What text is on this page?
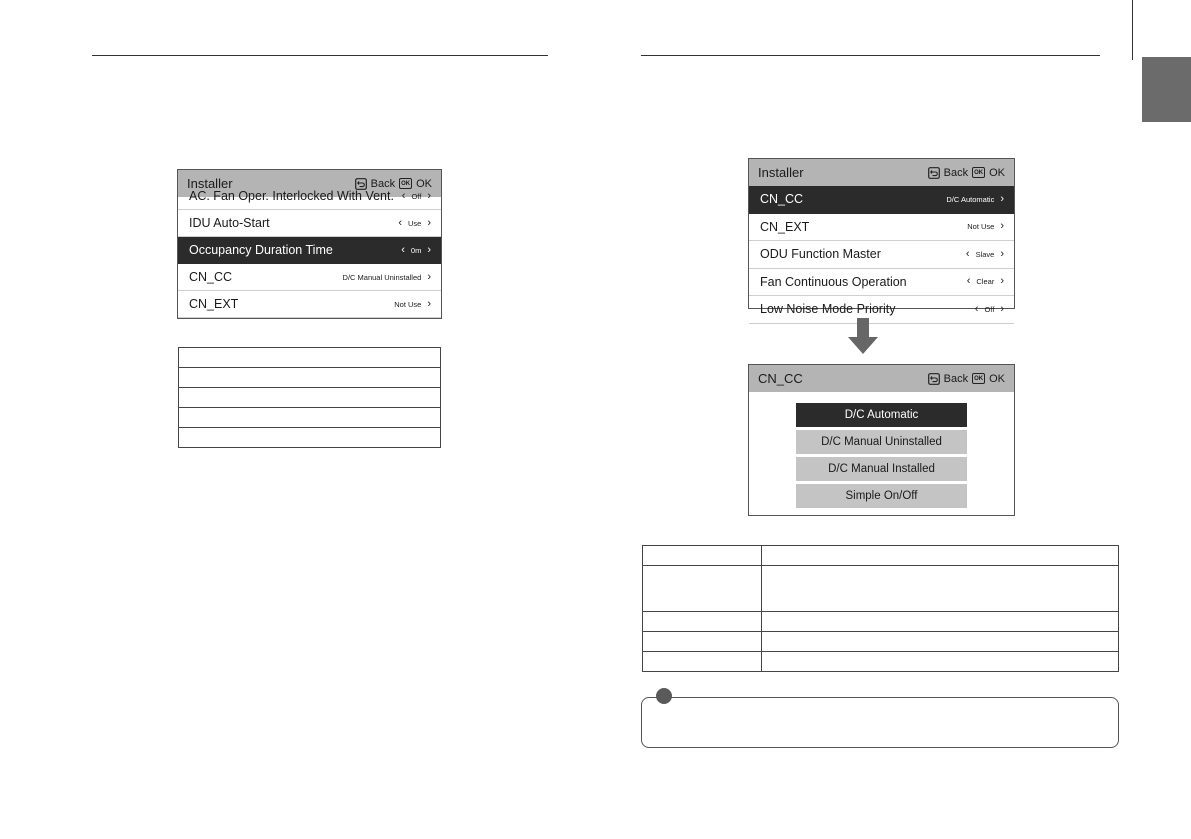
Installer	Back	OK OK
AC. Fan Oper. Interlocked With Vent. ‹ Off ›
IDU Auto-Start	‹ Use ›
Occupancy Duration Time	‹ 0m ›
CN_CC	D/C Manual Uninstalled ›
CN_EXT	Not Use ›

Installer	Back	OK OK
CN_CC	D/C Automatic ›
CN_EXT	Not Use ›
ODU Function Master	‹ Slave ›
Fan Continuous Operation	‹ Clear ›
Low Noise Mode Priority	‹ Off ›
CN_CC	Back	OK OK
D/C Automatic
D/C Manual Uninstalled
D/C Manual Installed
Simple On/Off
